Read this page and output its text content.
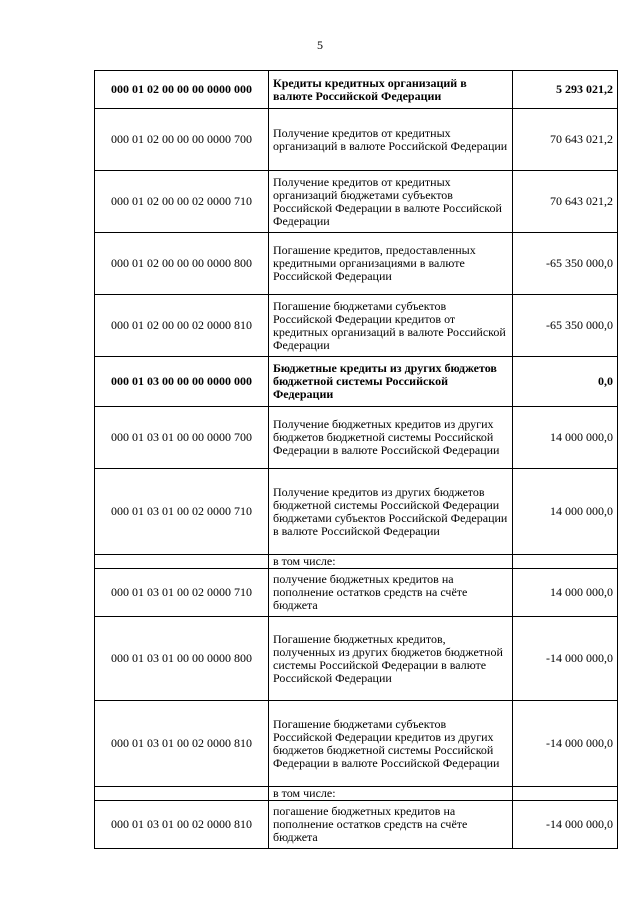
5
000 01 02 00 00 00 0000 000	Кредиты кредитных организаций в валюте Российской Федерации	5 293 021,2
000 01 02 00 00 00 0000 700	Получение кредитов от кредитных организаций в валюте Российской Федерации	70 643 021,2
000 01 02 00 00 02 0000 710	Получение кредитов от кредитных организаций бюджетами субъектов Российской Федерации в валюте Российской Федерации	70 643 021,2
000 01 02 00 00 00 0000 800	Погашение кредитов, предоставленных кредитными организациями в валюте Российской Федерации	-65 350 000,0
000 01 02 00 00 02 0000 810	Погашение бюджетами субъектов Российской Федерации кредитов от кредитных организаций в валюте Российской Федерации	-65 350 000,0
000 01 03 00 00 00 0000 000	Бюджетные кредиты из других бюджетов бюджетной системы Российской Федерации	0,0
000 01 03 01 00 00 0000 700	Получение бюджетных кредитов из других бюджетов бюджетной системы Российской Федерации в валюте Российской Федерации	14 000 000,0
000 01 03 01 00 02 0000 710	Получение кредитов из других бюджетов бюджетной системы Российской Федерации бюджетами субъектов Российской Федерации в валюте Российской Федерации	14 000 000,0
	в том числе:	
000 01 03 01 00 02 0000 710	получение бюджетных кредитов на пополнение остатков средств на счёте бюджета	14 000 000,0
000 01 03 01 00 00 0000 800	Погашение бюджетных кредитов, полученных из других бюджетов бюджетной системы Российской Федерации в валюте Российской Федерации	-14 000 000,0
000 01 03 01 00 02 0000 810	Погашение бюджетами субъектов Российской Федерации кредитов из других бюджетов бюджетной системы Российской Федерации в валюте Российской Федерации	-14 000 000,0
	в том числе:	
000 01 03 01 00 02 0000 810	погашение бюджетных кредитов на пополнение остатков средств на счёте бюджета	-14 000 000,0
